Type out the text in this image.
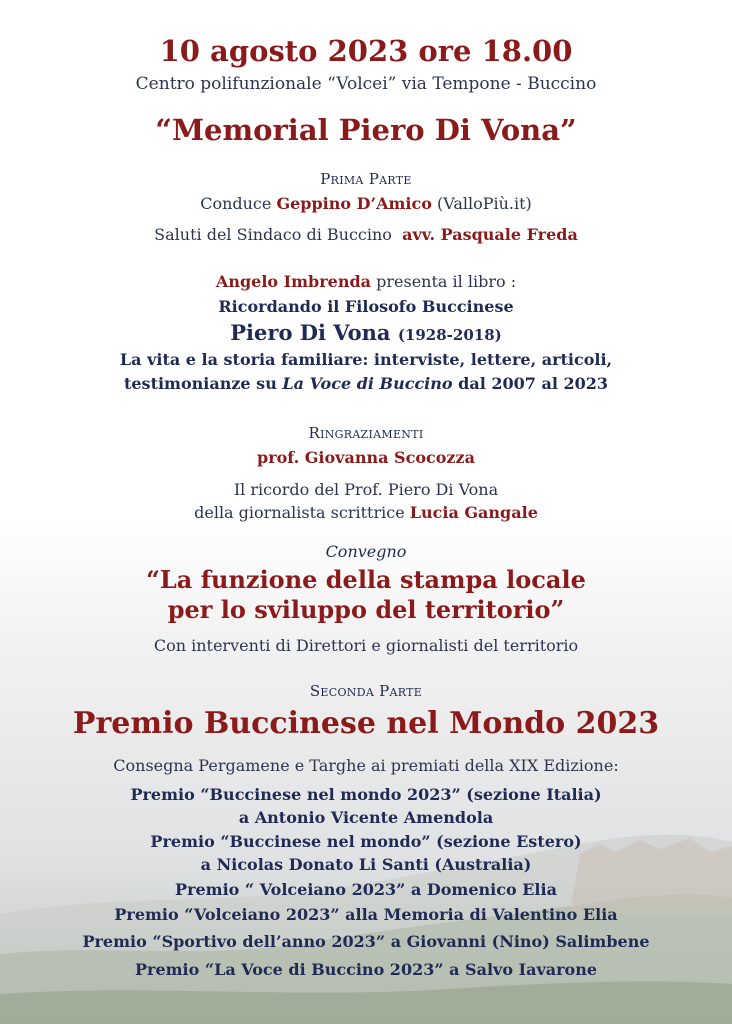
10 agosto 2023 ore 18.00
Centro polifunzionale “Volcei” via Tempone - Buccino
“Memorial Piero Di Vona”
Prima Parte
Conduce Geppino D’Amico (ValloPiù.it)
Saluti del Sindaco di Buccino avv. Pasquale Freda
Angelo Imbrenda presenta il libro :
Ricordando il Filosofo Buccinese
Piero Di Vona (1928-2018)
La vita e la storia familiare: interviste, lettere, articoli,
testimonianze su La Voce di Buccino dal 2007 al 2023
Ringraziamenti
prof. Giovanna Scocozza
Il ricordo del Prof. Piero Di Vona
della giornalista scrittrice Lucia Gangale
Convegno
“La funzione della stampa locale
per lo sviluppo del territorio”
Con interventi di Direttori e giornalisti del territorio
Seconda Parte
Premio Buccinese nel Mondo 2023
Consegna Pergamene e Targhe ai premiati della XIX Edizione:
Premio “Buccinese nel mondo 2023” (sezione Italia)
a Antonio Vicente Amendola
Premio “Buccinese nel mondo” (sezione Estero)
a Nicolas Donato Li Santi (Australia)
Premio “ Volceiano 2023” a Domenico Elia
Premio “Volceiano 2023” alla Memoria di Valentino Elia
Premio “Sportivo dell’anno 2023” a Giovanni (Nino) Salimbene
Premio “La Voce di Buccino 2023” a Salvo Iavarone
